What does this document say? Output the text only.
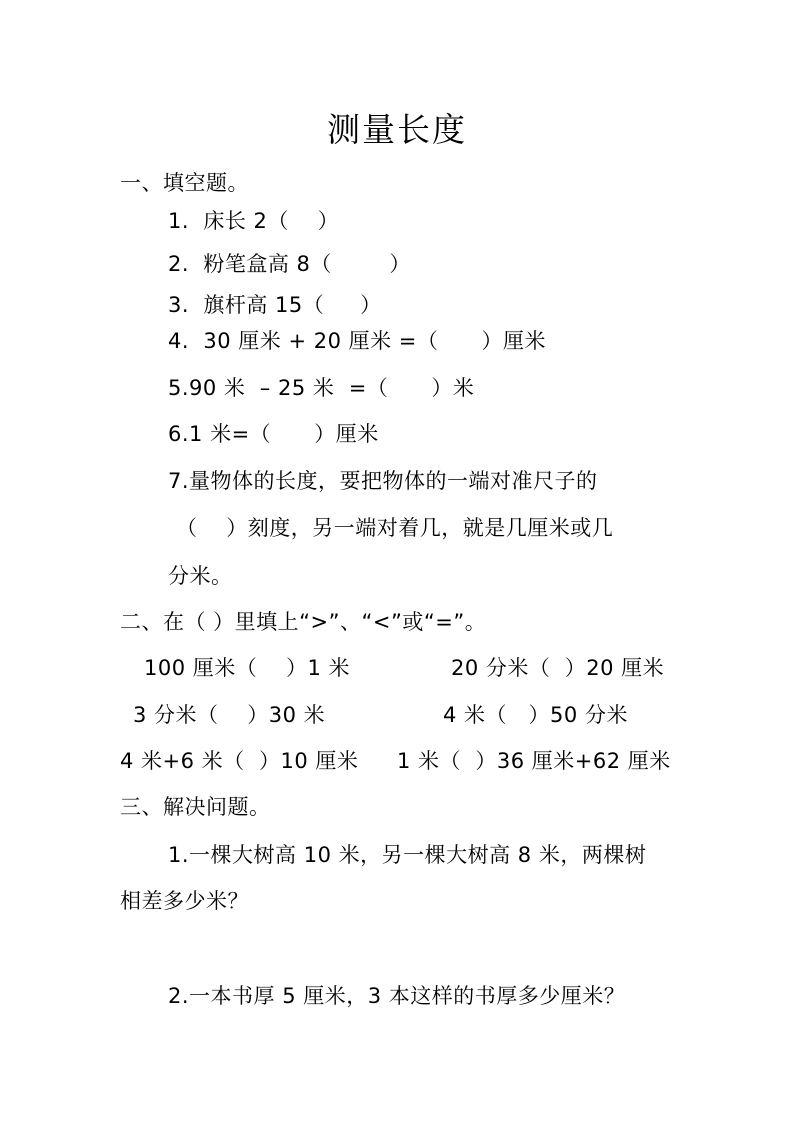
测量长度
一、填空题。
1.  床长 2（    ）
2.  粉笔盒高 8（        ）
3.  旗杆高 15（     ）
4.  30 厘米 + 20 厘米 =（      ）厘米
5.90 米  – 25 米  =（      ）米
6.1 米=（      ）厘米
7.量物体的长度，要把物体的一端对准尺子的
（    ）刻度，另一端对着几，就是几厘米或几
分米。
二、在（ ）里填上“>”、“<”或“=”。
100 厘米（    ）1 米	20 分米（  ）20 厘米
3 分米（    ）30 米	4 米（   ）50 分米
4 米+6 米（  ）10 厘米 1 米（  ）36 厘米+62 厘米
三、解决问题。
1.一棵大树高 10 米，另一棵大树高 8 米，两棵树
相差多少米？
2.一本书厚 5 厘米，3 本这样的书厚多少厘米？
